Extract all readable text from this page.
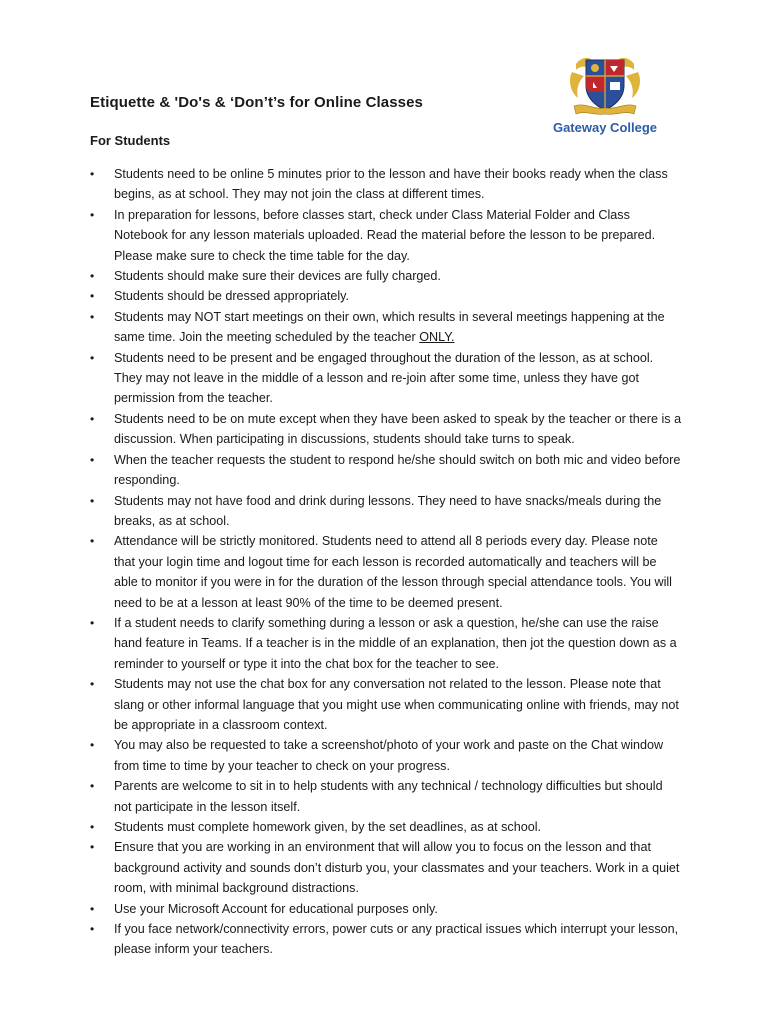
Etiquette & 'Do's & ‘Don’t’s for Online Classes
Gateway College
For Students
• Students need to be online 5 minutes prior to the lesson and have their books ready when the class begins, as at school. They may not join the class at different times.
• In preparation for lessons, before classes start, check under Class Material Folder and Class Notebook for any lesson materials uploaded. Read the material before the lesson to be prepared. Please make sure to check the time table for the day.
• Students should make sure their devices are fully charged.
• Students should be dressed appropriately.
• Students may NOT start meetings on their own, which results in several meetings happening at the same time. Join the meeting scheduled by the teacher ONLY.
• Students need to be present and be engaged throughout the duration of the lesson, as at school. They may not leave in the middle of a lesson and re-join after some time, unless they have got permission from the teacher.
• Students need to be on mute except when they have been asked to speak by the teacher or there is a discussion. When participating in discussions, students should take turns to speak.
• When the teacher requests the student to respond he/she should switch on both mic and video before responding.
• Students may not have food and drink during lessons. They need to have snacks/meals during the breaks, as at school.
• Attendance will be strictly monitored. Students need to attend all 8 periods every day. Please note that your login time and logout time for each lesson is recorded automatically and teachers will be able to monitor if you were in for the duration of the lesson through special attendance tools. You will need to be at a lesson at least 90% of the time to be deemed present.
• If a student needs to clarify something during a lesson or ask a question, he/she can use the raise hand feature in Teams. If a teacher is in the middle of an explanation, then jot the question down as a reminder to yourself or type it into the chat box for the teacher to see.
• Students may not use the chat box for any conversation not related to the lesson. Please note that slang or other informal language that you might use when communicating online with friends, may not be appropriate in a classroom context.
• You may also be requested to take a screenshot/photo of your work and paste on the Chat window from time to time by your teacher to check on your progress.
• Parents are welcome to sit in to help students with any technical / technology difficulties but should not participate in the lesson itself.
• Students must complete homework given, by the set deadlines, as at school.
• Ensure that you are working in an environment that will allow you to focus on the lesson and that background activity and sounds don’t disturb you, your classmates and your teachers. Work in a quiet room, with minimal background distractions.
• Use your Microsoft Account for educational purposes only.
• If you face network/connectivity errors, power cuts or any practical issues which interrupt your lesson, please inform your teachers.
